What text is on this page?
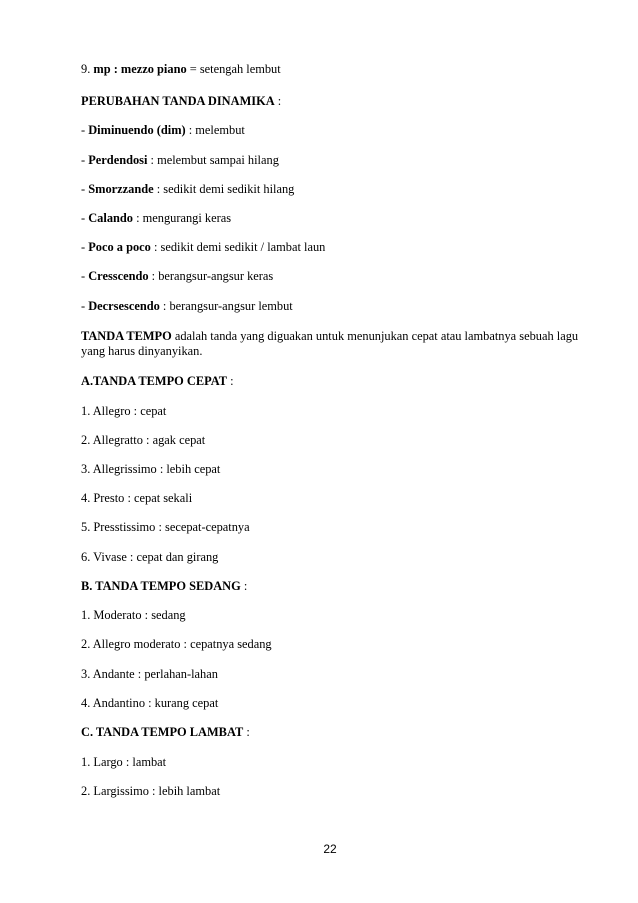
9. mp : mezzo piano = setengah lembut
PERUBAHAN TANDA DINAMIKA :
- Diminuendo (dim) : melembut
- Perdendosi : melembut sampai hilang
- Smorzzande : sedikit demi sedikit hilang
- Calando : mengurangi keras
- Poco a poco : sedikit demi sedikit / lambat laun
- Cresscendo : berangsur-angsur keras
- Decrsescendo : berangsur-angsur lembut
TANDA TEMPO adalah tanda yang diguakan untuk menunjukan cepat atau lambatnya sebuah lagu yang harus dinyanyikan.
A.TANDA TEMPO CEPAT :
1. Allegro : cepat
2. Allegratto : agak cepat
3. Allegrissimo : lebih cepat
4. Presto : cepat sekali
5. Presstissimo : secepat-cepatnya
6. Vivase : cepat dan girang
B. TANDA TEMPO SEDANG :
1. Moderato : sedang
2. Allegro moderato : cepatnya sedang
3. Andante : perlahan-lahan
4. Andantino : kurang cepat
C. TANDA TEMPO LAMBAT :
1. Largo : lambat
2. Largissimo : lebih lambat
22
